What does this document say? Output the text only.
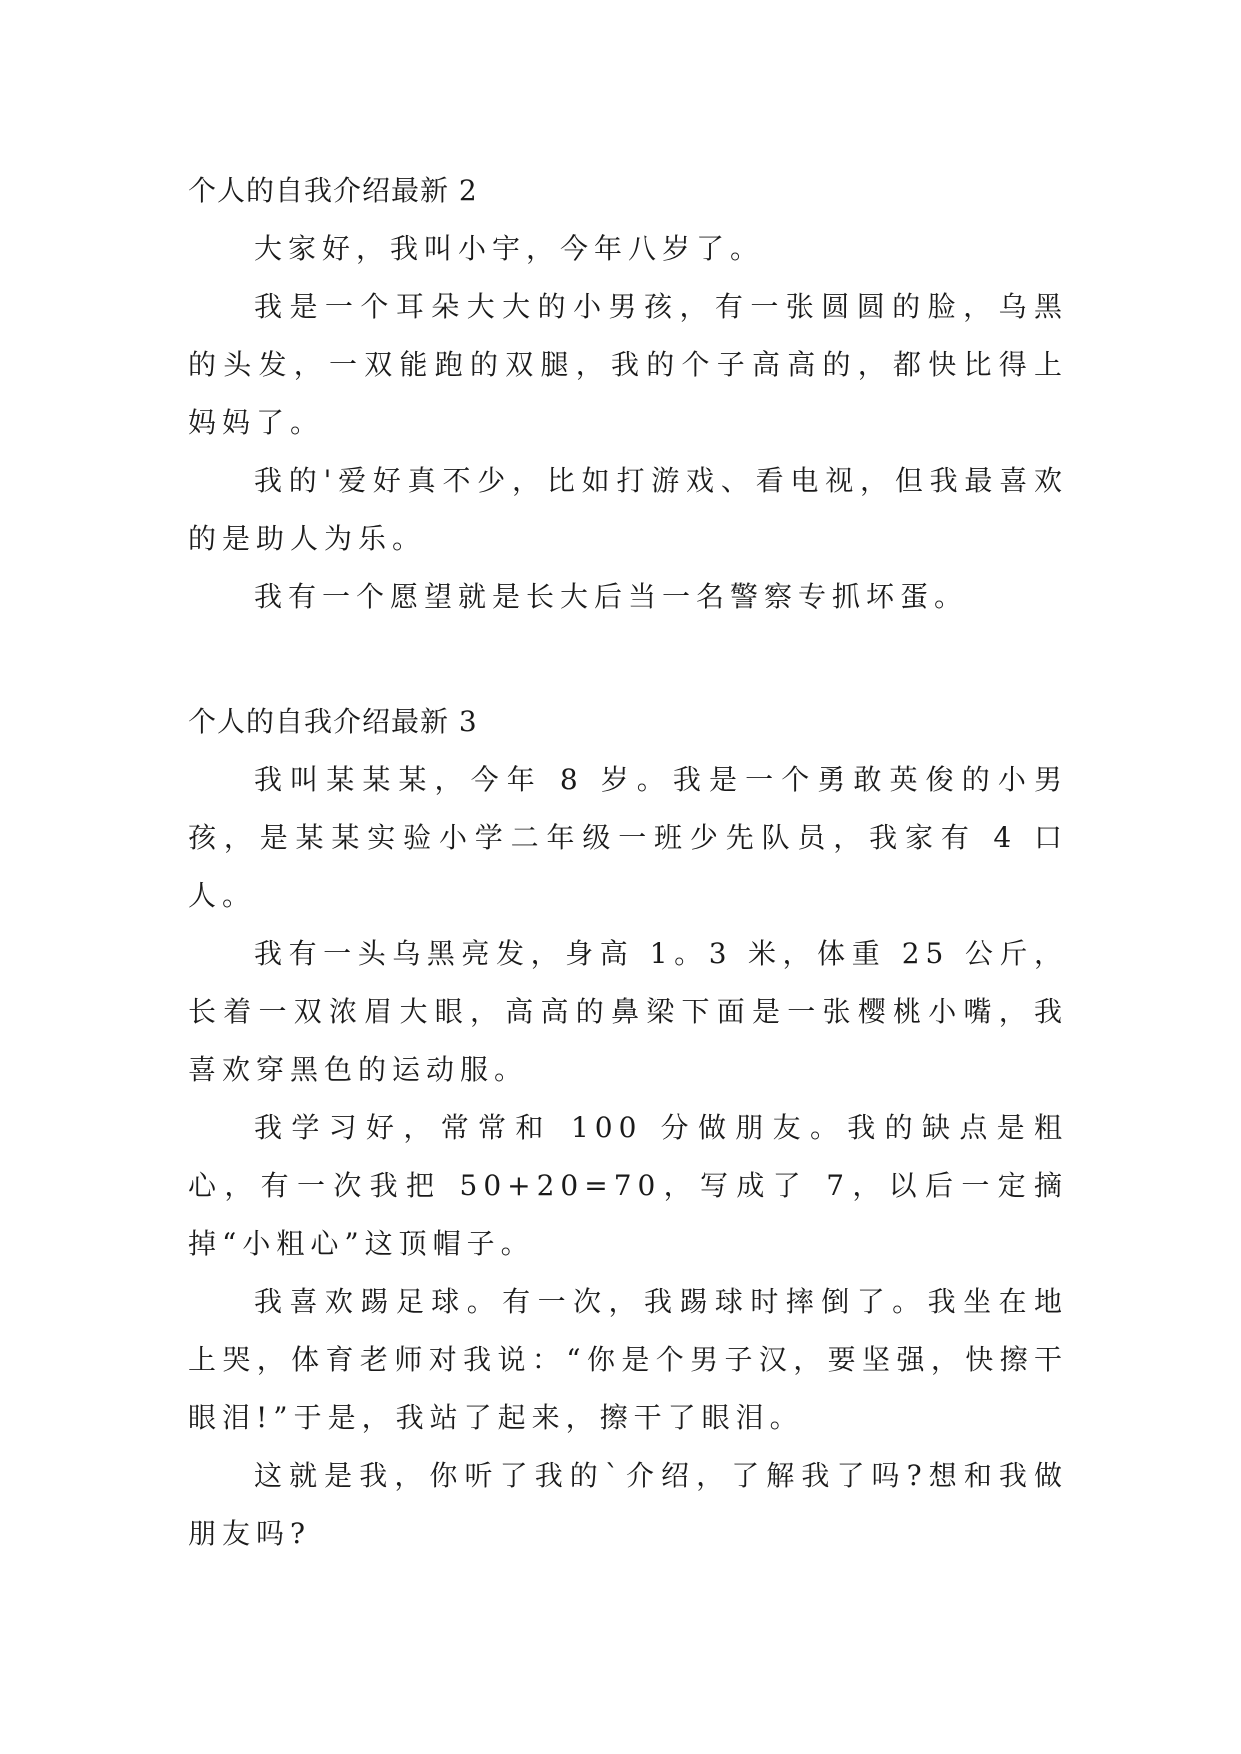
个人的自我介绍最新 2

大家好，我叫小宇，今年八岁了。

我是一个耳朵大大的小男孩，有一张圆圆的脸，乌黑的头发，一双能跑的双腿，我的个子高高的，都快比得上妈妈了。

我的'爱好真不少，比如打游戏、看电视，但我最喜欢的是助人为乐。

我有一个愿望就是长大后当一名警察专抓坏蛋。

个人的自我介绍最新 3

我叫某某某，今年 8 岁。我是一个勇敢英俊的小男孩，是某某实验小学二年级一班少先队员，我家有 4 口人。

我有一头乌黑亮发，身高 1。3 米，体重 25 公斤，长着一双浓眉大眼，高高的鼻梁下面是一张樱桃小嘴，我喜欢穿黑色的运动服。

我学习好，常常和 100 分做朋友。我的缺点是粗心，有一次我把 50+20=70，写成了 7，以后一定摘掉“小粗心”这顶帽子。

我喜欢踢足球。有一次，我踢球时摔倒了。我坐在地上哭，体育老师对我说：“你是个男子汉，要坚强，快擦干眼泪!”于是，我站了起来，擦干了眼泪。

这就是我，你听了我的`介绍，了解我了吗?想和我做朋友吗?
